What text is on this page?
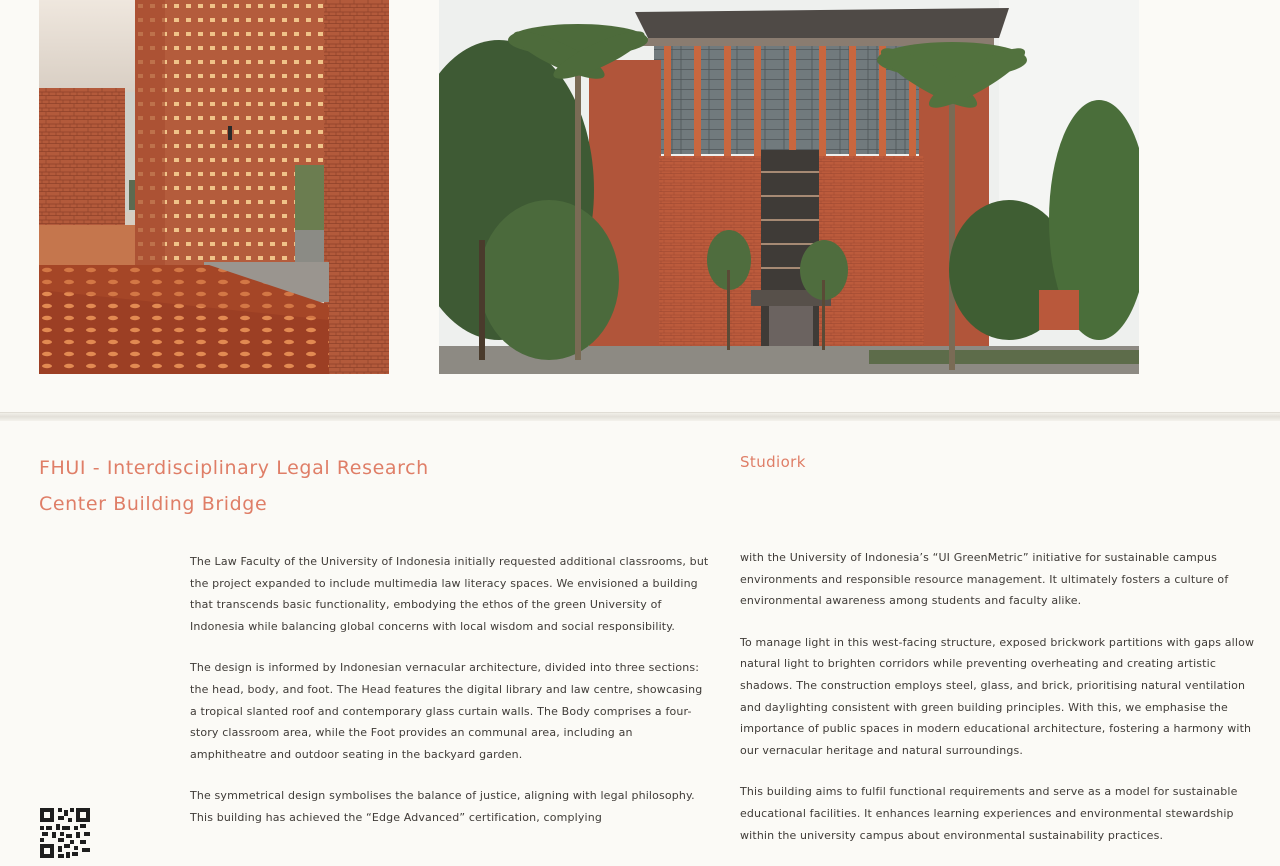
FHUI - Interdisciplinary Legal Research
Center Building Bridge
Studiork

The Law Faculty of the University of Indonesia initially requested additional classrooms, but the project expanded to include multimedia law literacy spaces. We envisioned a building that transcends basic functionality, embodying the ethos of the green University of Indonesia while balancing global concerns with local wisdom and social responsibility.

The design is informed by Indonesian vernacular architecture, divided into three sections: the head, body, and foot. The Head features the digital library and law centre, showcasing a tropical slanted roof and contemporary glass curtain walls. The Body comprises a four-story classroom area, while the Foot provides an communal area, including an amphitheatre and outdoor seating in the backyard garden.

The symmetrical design symbolises the balance of justice, aligning with legal philosophy. This building has achieved the “Edge Advanced” certification, complying

with the University of Indonesia’s “UI GreenMetric” initiative for sustainable campus environments and responsible resource management. It ultimately fosters a culture of environmental awareness among students and faculty alike.

To manage light in this west-facing structure, exposed brickwork partitions with gaps allow natural light to brighten corridors while preventing overheating and creating artistic shadows. The construction employs steel, glass, and brick, prioritising natural ventilation and daylighting consistent with green building principles. With this, we emphasise the importance of public spaces in modern educational architecture, fostering a harmony with our vernacular heritage and natural surroundings.

This building aims to fulfil functional requirements and serve as a model for sustainable educational facilities. It enhances learning experiences and environmental stewardship within the university campus about environmental sustainability practices.
